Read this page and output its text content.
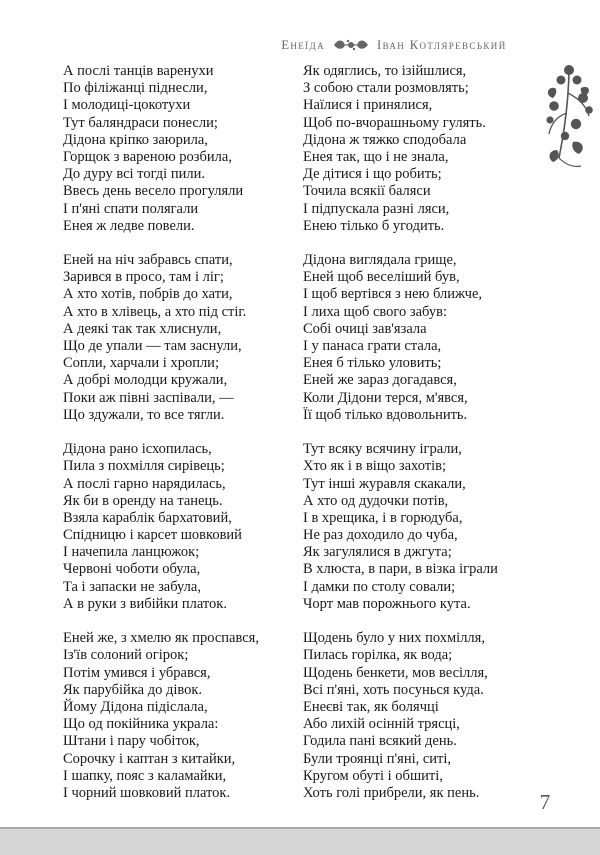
Енеїда	Іван Котляревський
А послі танців варенухи
По філіжанці піднесли,
І молодиці-цокотухи
Тут баляндраси понесли;
Дідона кріпко заюрила,
Горщок з вареною розбила,
До дуру всі тогді пили.
Ввесь день весело прогуляли
І п'яні спати полягали
Енея ж ледве повели.
Еней на ніч забравсь спати,
Зарився в просо, там і ліг;
А хто хотів, побрів до хати,
А хто в хлівець, а хто під стіг.
А деякі так так хлиснули,
Що де упали — там заснули,
Сопли, харчали і хропли;
А добрі молодци кружали,
Поки аж півні заспівали, —
Що здужали, то все тягли.
Дідона рано ісхопилась,
Пила з похмілля сирівець;
А послі гарно нарядилась,
Як би в оренду на танець.
Взяла караблік бархатовий,
Спідницю і карсет шовковий
І начепила ланцюжок;
Червоні чоботи обула,
Та і запаски не забула,
А в руки з вибійки платок.
Еней же, з хмелю як проспався,
Із'їв солоний огірок;
Потім умився і убрався,
Як парубійка до дівок.
Йому Дідона підіслала,
Що од покійника украла:
Штани і пару чобіток,
Сорочку і каптан з китайки,
І шапку, пояс з каламайки,
І чорний шовковий платок.
Як одяглись, то ізійшлися,
З собою стали розмовлять;
Наїлися і принялися,
Щоб по-вчорашньому гулять.
Дідона ж тяжко сподобала
Енея так, що і не знала,
Де дітися і що робить;
Точила всякії баляси
І підпускала разні ляси,
Енею тілько б угодить.
Дідона виглядала грище,
Еней щоб веселіший був,
І щоб вертівся з нею ближче,
І лиха щоб свого забув:
Собі очиці зав'язала
І у панаса грати стала,
Енея б тілько уловить;
Еней же зараз догадався,
Коли Дідони терся, м'явся,
Її щоб тілько вдовольнить.
Тут всяку всячину іграли,
Хто як і в віщо захотів;
Тут інші журавля скакали,
А хто од дудочки потів,
І в хрещика, і в горюдуба,
Не раз доходило до чуба,
Як загулялися в джгута;
В хлюста, в пари, в візка іграли
І дамки по столу совали;
Чорт мав порожнього кута.
Щодень було у них похмілля,
Пилась горілка, як вода;
Щодень бенкети, мов весілля,
Всі п'яні, хоть посунься куда.
Енеєві так, як болячці
Або лихій осінній трясці,
Годила пані всякий день.
Були троянці п'яні, ситі,
Кругом обуті і обшиті,
Хоть голі прибрели, як пень.	7
